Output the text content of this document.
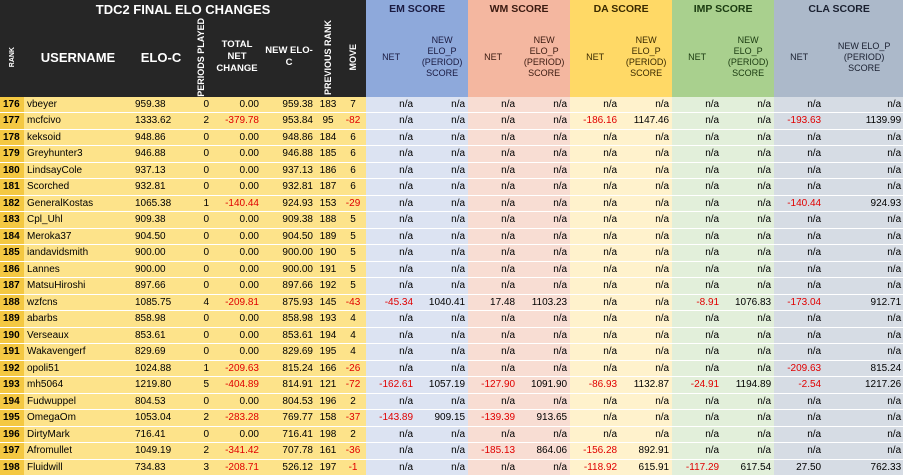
TDC2 FINAL ELO CHANGES								EM SCORE		WM SCORE		DA SCORE		IMP SCORE		CLA SCORE	

RANK	USERNAME	ELO-C	PERIODS PLAYED	TOTAL NET CHANGE	NEW ELO-C	PREVIOUS RANK	MOVE	NET	NEW ELO_P (PERIOD) SCORE	NET	NEW ELO_P (PERIOD) SCORE	NET	NEW ELO_P (PERIOD) SCORE	NET	NEW ELO_P (PERIOD) SCORE	NET	NEW ELO_P (PERIOD) SCORE
176	vbeyer	959.38	0	0.00	959.38	183	7	n/a	n/a	n/a	n/a	n/a	n/a	n/a	n/a	n/a	n/a
177	mcfcivo	1333.62	2	-379.78	953.84	95	-82	n/a	n/a	n/a	n/a	-186.16	1147.46	n/a	n/a	-193.63	1139.99
178	keksoid	948.86	0	0.00	948.86	184	6	n/a	n/a	n/a	n/a	n/a	n/a	n/a	n/a	n/a	n/a
179	Greyhunter3	946.88	0	0.00	946.88	185	6	n/a	n/a	n/a	n/a	n/a	n/a	n/a	n/a	n/a	n/a
180	LindsayCole	937.13	0	0.00	937.13	186	6	n/a	n/a	n/a	n/a	n/a	n/a	n/a	n/a	n/a	n/a
181	Scorched	932.81	0	0.00	932.81	187	6	n/a	n/a	n/a	n/a	n/a	n/a	n/a	n/a	n/a	n/a
182	GeneralKostas	1065.38	1	-140.44	924.93	153	-29	n/a	n/a	n/a	n/a	n/a	n/a	n/a	n/a	-140.44	924.93
183	Cpl_Uhl	909.38	0	0.00	909.38	188	5	n/a	n/a	n/a	n/a	n/a	n/a	n/a	n/a	n/a	n/a
184	Meroka37	904.50	0	0.00	904.50	189	5	n/a	n/a	n/a	n/a	n/a	n/a	n/a	n/a	n/a	n/a
185	iandavidsmith	900.00	0	0.00	900.00	190	5	n/a	n/a	n/a	n/a	n/a	n/a	n/a	n/a	n/a	n/a
186	Lannes	900.00	0	0.00	900.00	191	5	n/a	n/a	n/a	n/a	n/a	n/a	n/a	n/a	n/a	n/a
187	MatsuHiroshi	897.66	0	0.00	897.66	192	5	n/a	n/a	n/a	n/a	n/a	n/a	n/a	n/a	n/a	n/a
188	wzfcns	1085.75	4	-209.81	875.93	145	-43	-45.34	1040.41	17.48	1103.23	n/a	n/a	-8.91	1076.83	-173.04	912.71
189	abarbs	858.98	0	0.00	858.98	193	4	n/a	n/a	n/a	n/a	n/a	n/a	n/a	n/a	n/a	n/a
190	Verseaux	853.61	0	0.00	853.61	194	4	n/a	n/a	n/a	n/a	n/a	n/a	n/a	n/a	n/a	n/a
191	Wakavengerf	829.69	0	0.00	829.69	195	4	n/a	n/a	n/a	n/a	n/a	n/a	n/a	n/a	n/a	n/a
192	opoli51	1024.88	1	-209.63	815.24	166	-26	n/a	n/a	n/a	n/a	n/a	n/a	n/a	n/a	-209.63	815.24
193	mh5064	1219.80	5	-404.89	814.91	121	-72	-162.61	1057.19	-127.90	1091.90	-86.93	1132.87	-24.91	1194.89	-2.54	1217.26
194	Fudwuppel	804.53	0	0.00	804.53	196	2	n/a	n/a	n/a	n/a	n/a	n/a	n/a	n/a	n/a	n/a
195	OmegaOm	1053.04	2	-283.28	769.77	158	-37	-143.89	909.15	-139.39	913.65	n/a	n/a	n/a	n/a	n/a	n/a
196	DirtyMark	716.41	0	0.00	716.41	198	2	n/a	n/a	n/a	n/a	n/a	n/a	n/a	n/a	n/a	n/a
197	Afromullet	1049.19	2	-341.42	707.78	161	-36	n/a	n/a	-185.13	864.06	-156.28	892.91	n/a	n/a	n/a	n/a
198	Fluidwill	734.83	3	-208.71	526.12	197	-1	n/a	n/a	n/a	n/a	-118.92	615.91	-117.29	617.54	27.50	762.33
